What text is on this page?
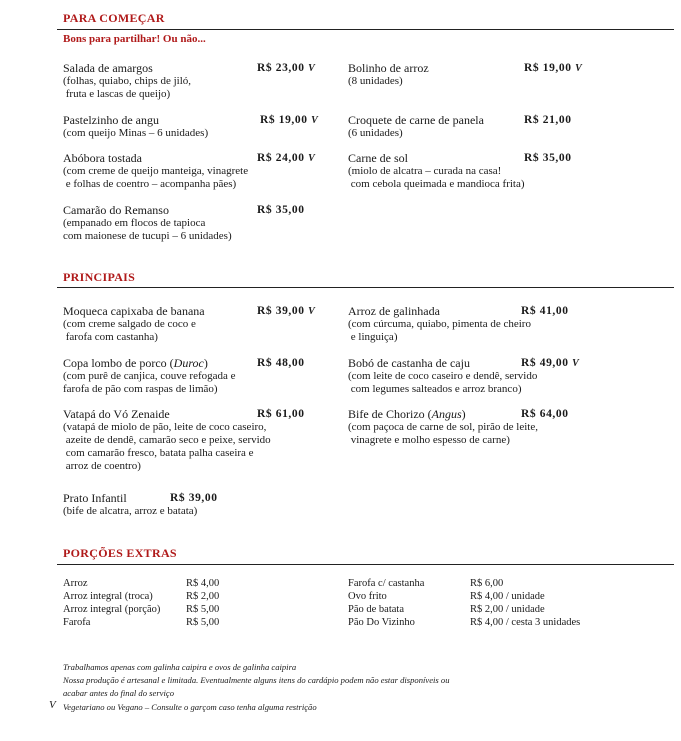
PARA COMEÇAR
Bons para partilhar! Ou não...
Salada de amargos
(folhas, quiabo, chips de jiló,
fruta e lascas de queijo)
R$ 23,00 V
Pastelzinho de angu
(com queijo Minas – 6 unidades)
R$ 19,00 V
Abóbora tostada
(com creme de queijo manteiga, vinagrete
e folhas de coentro – acompanha pães)
R$ 24,00 V
Camarão do Remanso
(empanado em flocos de tapioca
com maionese de tucupi – 6 unidades)
R$ 35,00
Bolinho de arroz
(8 unidades)
R$ 19,00 V
Croquete de carne de panela
(6 unidades)
R$ 21,00
Carne de sol
(miolo de alcatra – curada na casa!
com cebola queimada e mandioca frita)
R$ 35,00
PRINCIPAIS
Moqueca capixaba de banana
(com creme salgado de coco e
farofa com castanha)
R$ 39,00 V
Copa lombo de porco (Duroc)
(com purê de canjica, couve refogada e
farofa de pão com raspas de limão)
R$ 48,00
Vatapá do Vó Zenaide
(vatapá de miolo de pão, leite de coco caseiro,
azeite de dendê, camarão seco e peixe, servido
com camarão fresco, batata palha caseira e
arroz de coentro)
R$ 61,00
Prato Infantil
(bife de alcatra, arroz e batata)
R$ 39,00
Arroz de galinhada
(com cúrcuma, quiabo, pimenta de cheiro
e linguiça)
R$ 41,00
Bobó de castanha de caju
(com leite de coco caseiro e dendê, servido
com legumes salteados e arroz branco)
R$ 49,00 V
Bife de Chorizo (Angus)
(com paçoca de carne de sol, pirão de leite,
vinagrete e molho espesso de carne)
R$ 64,00
PORÇÕES EXTRAS
Arroz	R$ 4,00
Arroz integral (troca)	R$ 2,00
Arroz integral (porção) R$ 5,00
Farofa	R$ 5,00
Farofa c/ castanha	R$ 6,00
Ovo frito	R$ 4,00 / unidade
Pão de batata	R$ 2,00 / unidade
Pão Do Vizinho	R$ 4,00 / cesta 3 unidades
Trabalhamos apenas com galinha caipira e ovos de galinha caipira
Nossa produção é artesanal e limitada. Eventualmente alguns itens do cardápio podem não estar disponíveis ou
acabar antes do final do serviço
V Vegetariano ou Vegano – Consulte o garçom caso tenha alguma restrição
